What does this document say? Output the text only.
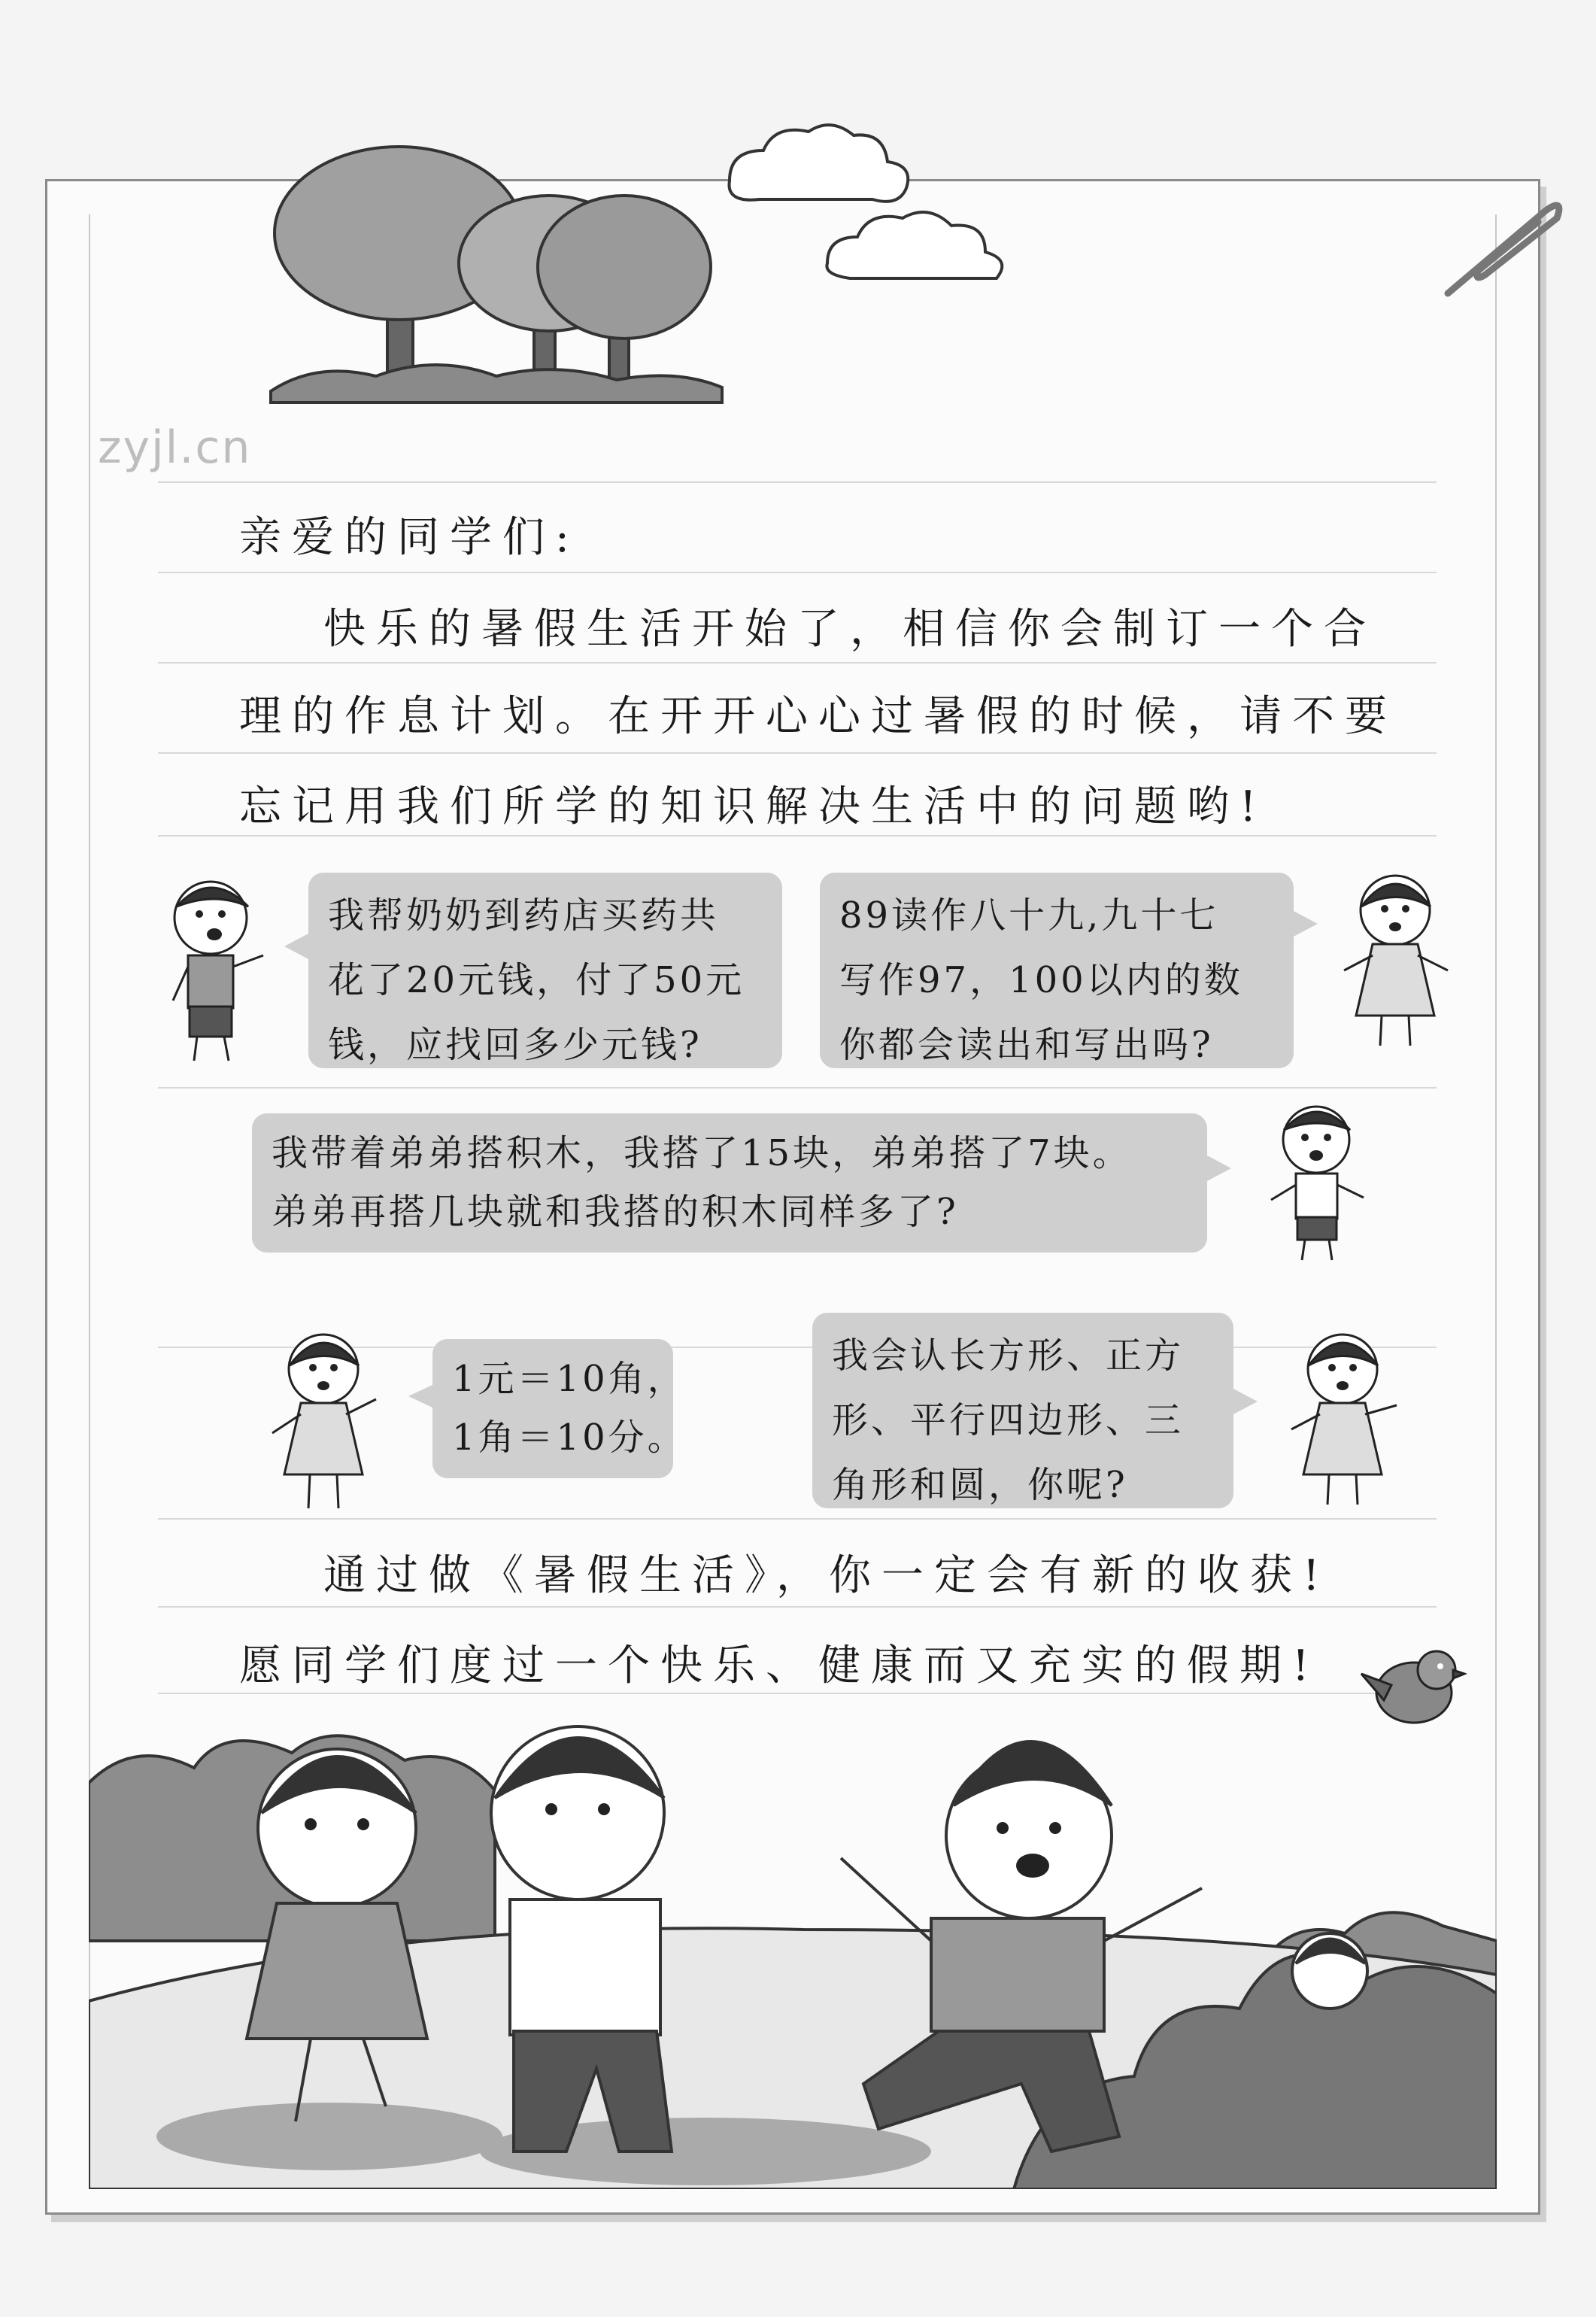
zyjl.cn
亲爱的同学们:
快乐的暑假生活开始了，相信你会制订一个合
理的作息计划。在开开心心过暑假的时候，请不要
忘记用我们所学的知识解决生活中的问题哟!
我帮奶奶到药店买药共
花了20元钱，付了50元
钱，应找回多少元钱?
89读作八十九,九十七
写作97，100以内的数
你都会读出和写出吗?
我带着弟弟搭积木，我搭了15块，弟弟搭了7块。
弟弟再搭几块就和我搭的积木同样多了?
1元＝10角，
1角＝10分。
我会认长方形、正方
形、平行四边形、三
角形和圆，你呢?
通过做《暑假生活》，你一定会有新的收获!
愿同学们度过一个快乐、健康而又充实的假期!
